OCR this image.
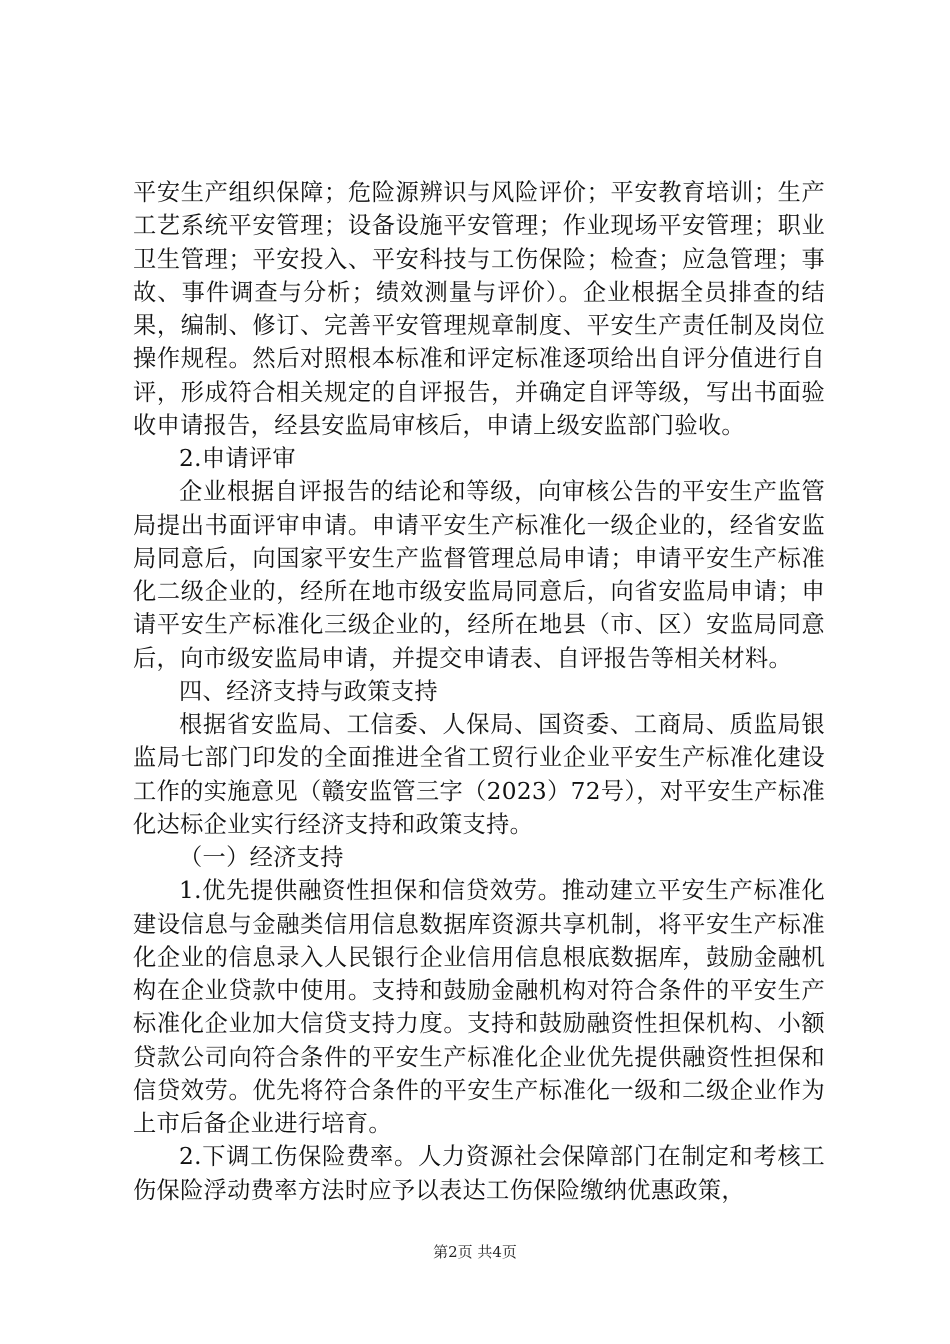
平安生产组织保障；危险源辨识与风险评价；平安教育培训；生产工艺系统平安管理；设备设施平安管理；作业现场平安管理；职业卫生管理；平安投入、平安科技与工伤保险；检查；应急管理；事故、事件调查与分析；绩效测量与评价）。企业根据全员排查的结果，编制、修订、完善平安管理规章制度、平安生产责任制及岗位操作规程。然后对照根本标准和评定标准逐项给出自评分值进行自评，形成符合相关规定的自评报告，并确定自评等级，写出书面验收申请报告，经县安监局审核后，申请上级安监部门验收。

2.申请评审

企业根据自评报告的结论和等级，向审核公告的平安生产监管局提出书面评审申请。申请平安生产标准化一级企业的，经省安监局同意后，向国家平安生产监督管理总局申请；申请平安生产标准化二级企业的，经所在地市级安监局同意后，向省安监局申请；申请平安生产标准化三级企业的，经所在地县（市、区）安监局同意后，向市级安监局申请，并提交申请表、自评报告等相关材料。

四、经济支持与政策支持

根据省安监局、工信委、人保局、国资委、工商局、质监局银监局七部门印发的全面推进全省工贸行业企业平安生产标准化建设工作的实施意见（赣安监管三字（2023）72号），对平安生产标准化达标企业实行经济支持和政策支持。

（一）经济支持

1.优先提供融资性担保和信贷效劳。推动建立平安生产标准化建设信息与金融类信用信息数据库资源共享机制，将平安生产标准化企业的信息录入人民银行企业信用信息根底数据库，鼓励金融机构在企业贷款中使用。支持和鼓励金融机构对符合条件的平安生产标准化企业加大信贷支持力度。支持和鼓励融资性担保机构、小额贷款公司向符合条件的平安生产标准化企业优先提供融资性担保和信贷效劳。优先将符合条件的平安生产标准化一级和二级企业作为上市后备企业进行培育。

2.下调工伤保险费率。人力资源社会保障部门在制定和考核工伤保险浮动费率方法时应予以表达工伤保险缴纳优惠政策，

第2页 共4页
